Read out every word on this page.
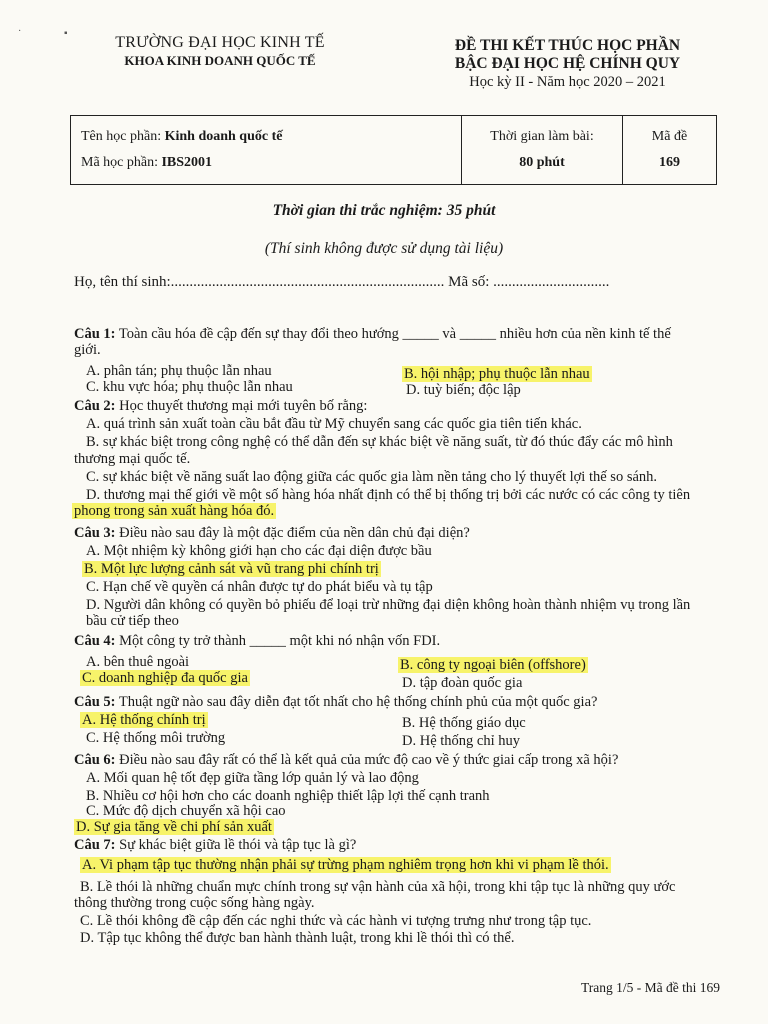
·	▪
TRƯỜNG ĐẠI HỌC KINH TẾ
KHOA KINH DOANH QUỐC TẾ
ĐỀ THI KẾT THÚC HỌC PHẦN
BẬC ĐẠI HỌC HỆ CHÍNH QUY
Học kỳ II - Năm học 2020 – 2021
Tên học phần: Kinh doanh quốc tế
Mã học phần: IBS2001

Thời gian làm bài:
80 phút

Mã đề
169
Thời gian thi trắc nghiệm: 35 phút
(Thí sinh không được sử dụng tài liệu)
Họ, tên thí sinh:......................................................................... Mã số: ...............................
Câu 1: Toàn cầu hóa đề cập đến sự thay đổi theo hướng _____ và _____ nhiều hơn của nền kinh tế thế
giới.
A. phân tán; phụ thuộc lẫn nhau	B. hội nhập; phụ thuộc lẫn nhau
C. khu vực hóa; phụ thuộc lẫn nhau	D. tuỳ biến; độc lập
Câu 2: Học thuyết thương mại mới tuyên bố rằng:
A. quá trình sản xuất toàn cầu bắt đầu từ Mỹ chuyển sang các quốc gia tiên tiến khác.
B. sự khác biệt trong công nghệ có thể dẫn đến sự khác biệt về năng suất, từ đó thúc đẩy các mô hình
thương mại quốc tế.
C. sự khác biệt về năng suất lao động giữa các quốc gia làm nền tảng cho lý thuyết lợi thế so sánh.
D. thương mại thế giới về một số hàng hóa nhất định có thể bị thống trị bởi các nước có các công ty tiên
phong trong sản xuất hàng hóa đó.
Câu 3: Điều nào sau đây là một đặc điểm của nền dân chủ đại diện?
A. Một nhiệm kỳ không giới hạn cho các đại diện được bầu
B. Một lực lượng cảnh sát và vũ trang phi chính trị
C. Hạn chế về quyền cá nhân được tự do phát biểu và tụ tập
D. Người dân không có quyền bỏ phiếu để loại trừ những đại diện không hoàn thành nhiệm vụ trong lần
bầu cử tiếp theo
Câu 4: Một công ty trở thành _____ một khi nó nhận vốn FDI.
A. bên thuê ngoài	B. công ty ngoại biên (offshore)
C. doanh nghiệp đa quốc gia	D. tập đoàn quốc gia
Câu 5: Thuật ngữ nào sau đây diễn đạt tốt nhất cho hệ thống chính phủ của một quốc gia?
A. Hệ thống chính trị	B. Hệ thống giáo dục
C. Hệ thống môi trường	D. Hệ thống chỉ huy
Câu 6: Điều nào sau đây rất có thể là kết quả của mức độ cao về ý thức giai cấp trong xã hội?
A. Mối quan hệ tốt đẹp giữa tầng lớp quản lý và lao động
B. Nhiều cơ hội hơn cho các doanh nghiệp thiết lập lợi thế cạnh tranh
C. Mức độ dịch chuyển xã hội cao
D. Sự gia tăng về chi phí sản xuất
Câu 7: Sự khác biệt giữa lề thói và tập tục là gì?
A. Vi phạm tập tục thường nhận phải sự trừng phạm nghiêm trọng hơn khi vi phạm lề thói.
B. Lề thói là những chuẩn mực chính trong sự vận hành của xã hội, trong khi tập tục là những quy ước
thông thường trong cuộc sống hàng ngày.
C. Lề thói không đề cập đến các nghi thức và các hành vi tượng trưng như trong tập tục.
D. Tập tục không thể được ban hành thành luật, trong khi lề thói thì có thể.
Trang 1/5 - Mã đề thi 169
